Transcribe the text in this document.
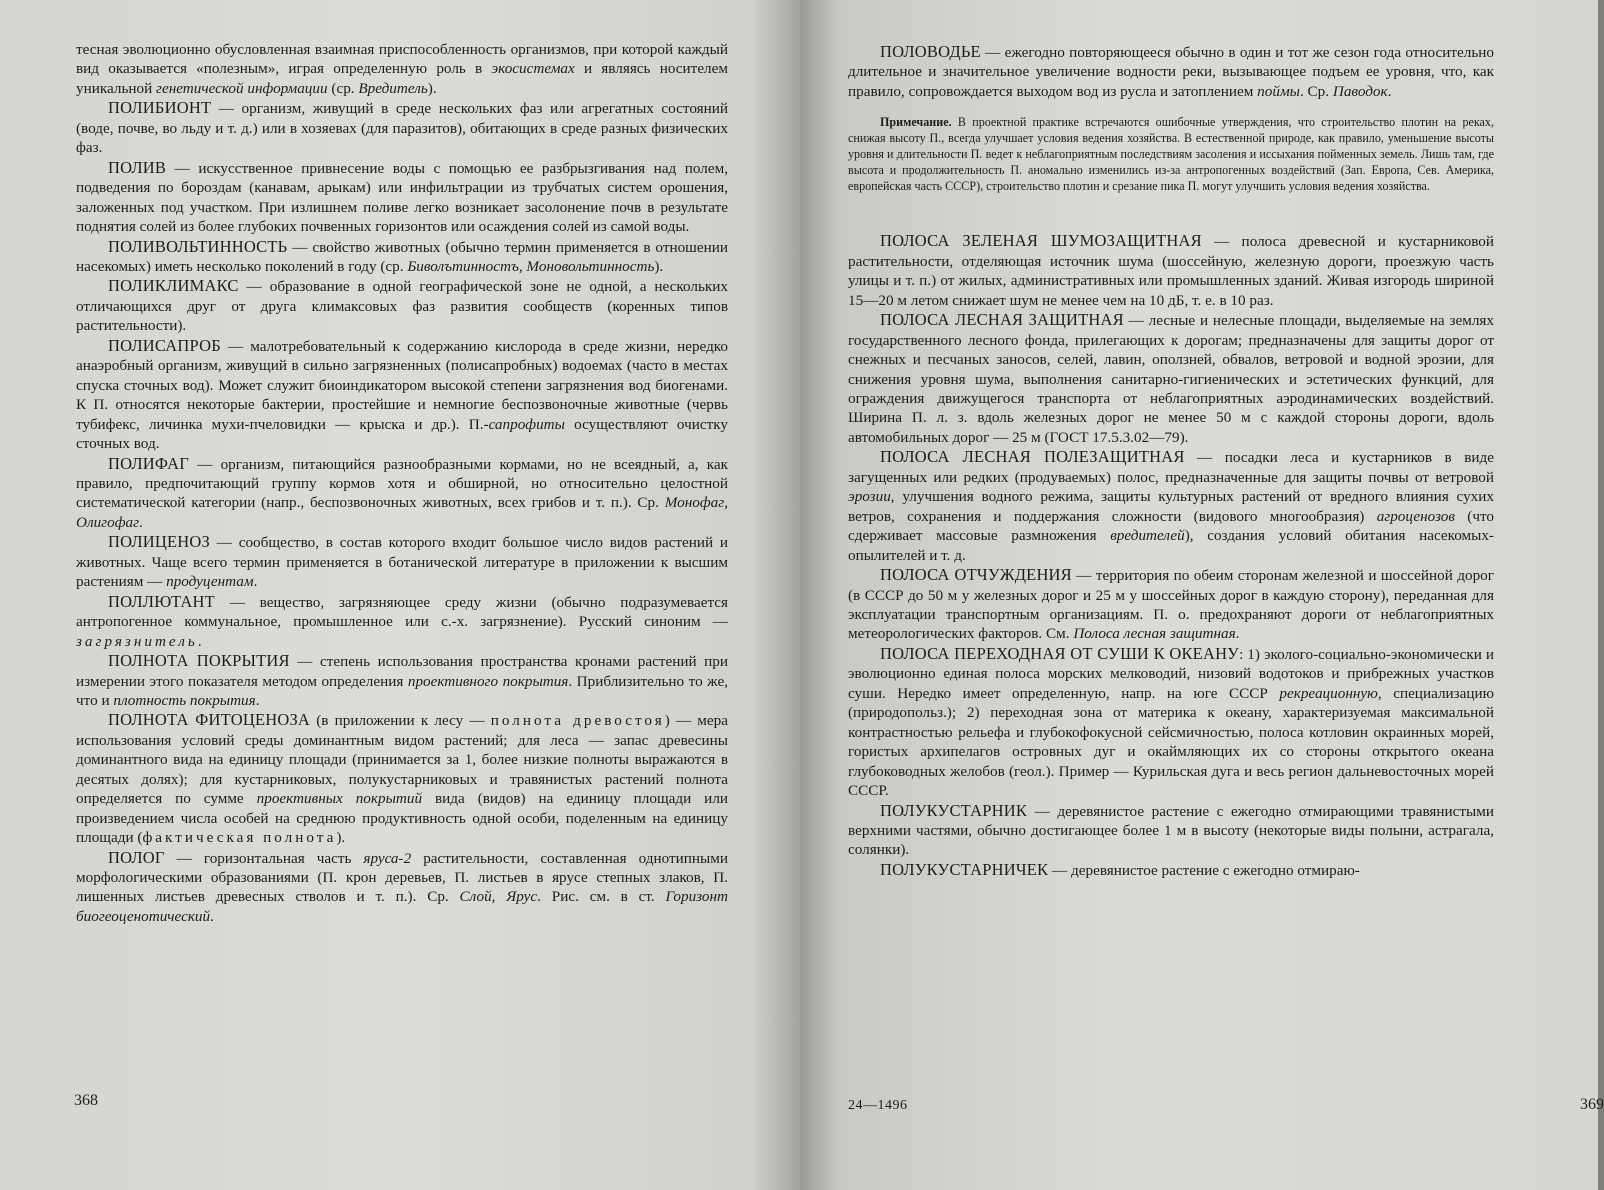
тесная эволюционно обусловленная взаимная приспособленность организмов, при которой каждый вид оказывается «полезным», играя определенную роль в экосистемах и являясь носителем уникальной генетической информации (ср. Вредитель).

ПОЛИБИОНТ — организм, живущий в среде нескольких фаз или агрегатных состояний (воде, почве, во льду и т. д.) или в хозяевах (для паразитов), обитающих в среде разных физических фаз.

ПОЛИВ — искусственное привнесение воды с помощью ее разбрызгивания над полем, подведения по бороздам (канавам, арыкам) или инфильтрации из трубчатых систем орошения, заложенных под участком. При излишнем поливе легко возникает засолонение почв в результате поднятия солей из более глубоких почвенных горизонтов или осаждения солей из самой воды.

ПОЛИВОЛЬТИННОСТЬ — свойство животных (обычно термин применяется в отношении насекомых) иметь несколько поколений в году (ср. Биволътинностъ, Моновольтинность).

ПОЛИКЛИМАКС — образование в одной географической зоне не одной, а нескольких отличающихся друг от друга климаксовых фаз развития сообществ (коренных типов растительности).

ПОЛИСАПРОБ — малотребовательный к содержанию кислорода в среде жизни, нередко анаэробный организм, живущий в сильно загрязненных (полисапробных) водоемах (часто в местах спуска сточных вод). Может служит биоиндикатором высокой степени загрязнения вод биогенами. К П. относятся некоторые бактерии, простейшие и немногие беспозвоночные животные (червь тубифекс, личинка мухи-пчеловидки — крыска и др.). П.-сапрофиты осуществляют очистку сточных вод.

ПОЛИФАГ — организм, питающийся разнообразными кормами, но не всеядный, а, как правило, предпочитающий группу кормов хотя и обширной, но относительно целостной систематической категории (напр., беспозвоночных животных, всех грибов и т. п.). Ср. Монофаг, Олигофаг.

ПОЛИЦЕНОЗ — сообщество, в состав которого входит большое число видов растений и животных. Чаще всего термин применяется в ботанической литературе в приложении к высшим растениям — продуцентам.

ПОЛЛЮТАНТ — вещество, загрязняющее среду жизни (обычно подразумевается антропогенное коммунальное, промышленное или с.-х. загрязнение). Русский синоним — загрязнитель.

ПОЛНОТА ПОКРЫТИЯ — степень использования пространства кронами растений при измерении этого показателя методом определения проективного покрытия. Приблизительно то же, что и плотность покрытия.

ПОЛНОТА ФИТОЦЕНОЗА (в приложении к лесу — полнота древостоя) — мера использования условий среды доминантным видом растений; для леса — запас древесины доминантного вида на единицу площади (принимается за 1, более низкие полноты выражаются в десятых долях); для кустарниковых, полукустарниковых и травянистых растений полнота определяется по сумме проективных покрытий вида (видов) на единицу площади или произведением числа особей на среднюю продуктивность одной особи, поделенным на единицу площади (фактическая полнота).

ПОЛОГ — горизонтальная часть яруса-2 растительности, составленная однотипными морфологическими образованиями (П. крон деревьев, П. листьев в ярусе степных злаков, П. лишенных листьев древесных стволов и т. п.). Ср. Слой, Ярус. Рис. см. в ст. Горизонт биогеоценотический.

368

ПОЛОВОДЬЕ — ежегодно повторяющееся обычно в один и тот же сезон года относительно длительное и значительное увеличение водности реки, вызывающее подъем ее уровня, что, как правило, сопровождается выходом вод из русла и затоплением поймы. Ср. Паводок.

Примечание. В проектной практике встречаются ошибочные утверждения, что строительство плотин на реках, снижая высоту П., всегда улучшает условия ведения хозяйства. В естественной природе, как правило, уменьшение высоты уровня и длительности П. ведет к неблагоприятным последствиям засоления и иссыхания пойменных земель. Лишь там, где высота и продолжительность П. аномально изменились из-за антропогенных воздействий (Зап. Европа, Сев. Америка, европейская часть СССР), строительство плотин и срезание пика П. могут улучшить условия ведения хозяйства.

ПОЛОСА ЗЕЛЕНАЯ ШУМОЗАЩИТНАЯ — полоса древесной и кустарниковой растительности, отделяющая источник шума (шоссейную, железную дороги, проезжую часть улицы и т. п.) от жилых, административных или промышленных зданий. Живая изгородь шириной 15—20 м летом снижает шум не менее чем на 10 дБ, т. е. в 10 раз.

ПОЛОСА ЛЕСНАЯ ЗАЩИТНАЯ — лесные и нелесные площади, выделяемые на землях государственного лесного фонда, прилегающих к дорогам; предназначены для защиты дорог от снежных и песчаных заносов, селей, лавин, оползней, обвалов, ветровой и водной эрозии, для снижения уровня шума, выполнения санитарно-гигиенических и эстетических функций, для ограждения движущегося транспорта от неблагоприятных аэродинамических воздействий. Ширина П. л. з. вдоль железных дорог не менее 50 м с каждой стороны дороги, вдоль автомобильных дорог — 25 м (ГОСТ 17.5.3.02—79).

ПОЛОСА ЛЕСНАЯ ПОЛЕЗАЩИТНАЯ — посадки леса и кустарников в виде загущенных или редких (продуваемых) полос, предназначенные для защиты почвы от ветровой эрозии, улучшения водного режима, защиты культурных растений от вредного влияния сухих ветров, сохранения и поддержания сложности (видового многообразия) агроценозов (что сдерживает массовые размножения вредителей), создания условий обитания насекомых-опылителей и т. д.

ПОЛОСА ОТЧУЖДЕНИЯ — территория по обеим сторонам железной и шоссейной дорог (в СССР до 50 м у железных дорог и 25 м у шоссейных дорог в каждую сторону), переданная для эксплуатации транспортным организациям. П. о. предохраняют дороги от неблагоприятных метеорологических факторов. См. Полоса лесная защитная.

ПОЛОСА ПЕРЕХОДНАЯ ОТ СУШИ К ОКЕАНУ: 1) эколого-социально-экономически и эволюционно единая полоса морских мелководий, низовий водотоков и прибрежных участков суши. Нередко имеет определенную, напр. на юге СССР рекреационную, специализацию (природопольз.); 2) переходная зона от материка к океану, характеризуемая максимальной контрастностью рельефа и глубокофокусной сейсмичностью, полоса котловин окраинных морей, гористых архипелагов островных дуг и окаймляющих их со стороны открытого океана глубоководных желобов (геол.). Пример — Курильская дуга и весь регион дальневосточных морей СССР.

ПОЛУКУСТАРНИК — деревянистое растение с ежегодно отмирающими травянистыми верхними частями, обычно достигающее более 1 м в высоту (некоторые виды полыни, астрагала, солянки).

ПОЛУКУСТАРНИЧЕК — деревянистое растение с ежегодно отмираю-

24—1496	369
